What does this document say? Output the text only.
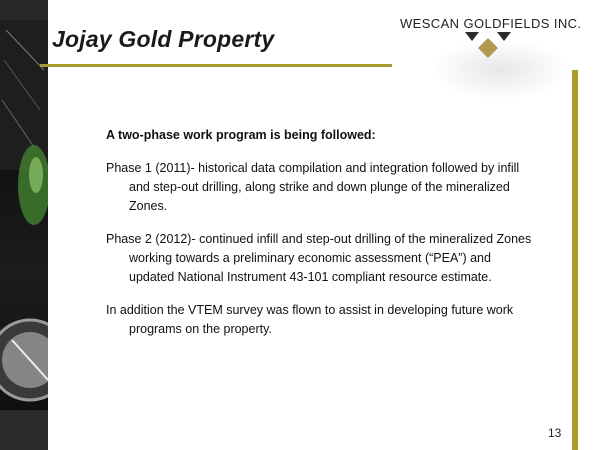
Jojay Gold Property
WESCAN GOLDFIELDS INC.

A two-phase work program is being followed:

Phase 1 (2011)- historical data compilation and integration followed by infill and step-out drilling, along strike and down plunge of the mineralized Zones.

Phase 2 (2012)- continued infill and step-out drilling of the mineralized Zones working towards a preliminary economic assessment (“PEA”) and updated National Instrument 43-101 compliant resource estimate.

In addition the VTEM survey was flown to assist in developing future work programs on the property.

13
